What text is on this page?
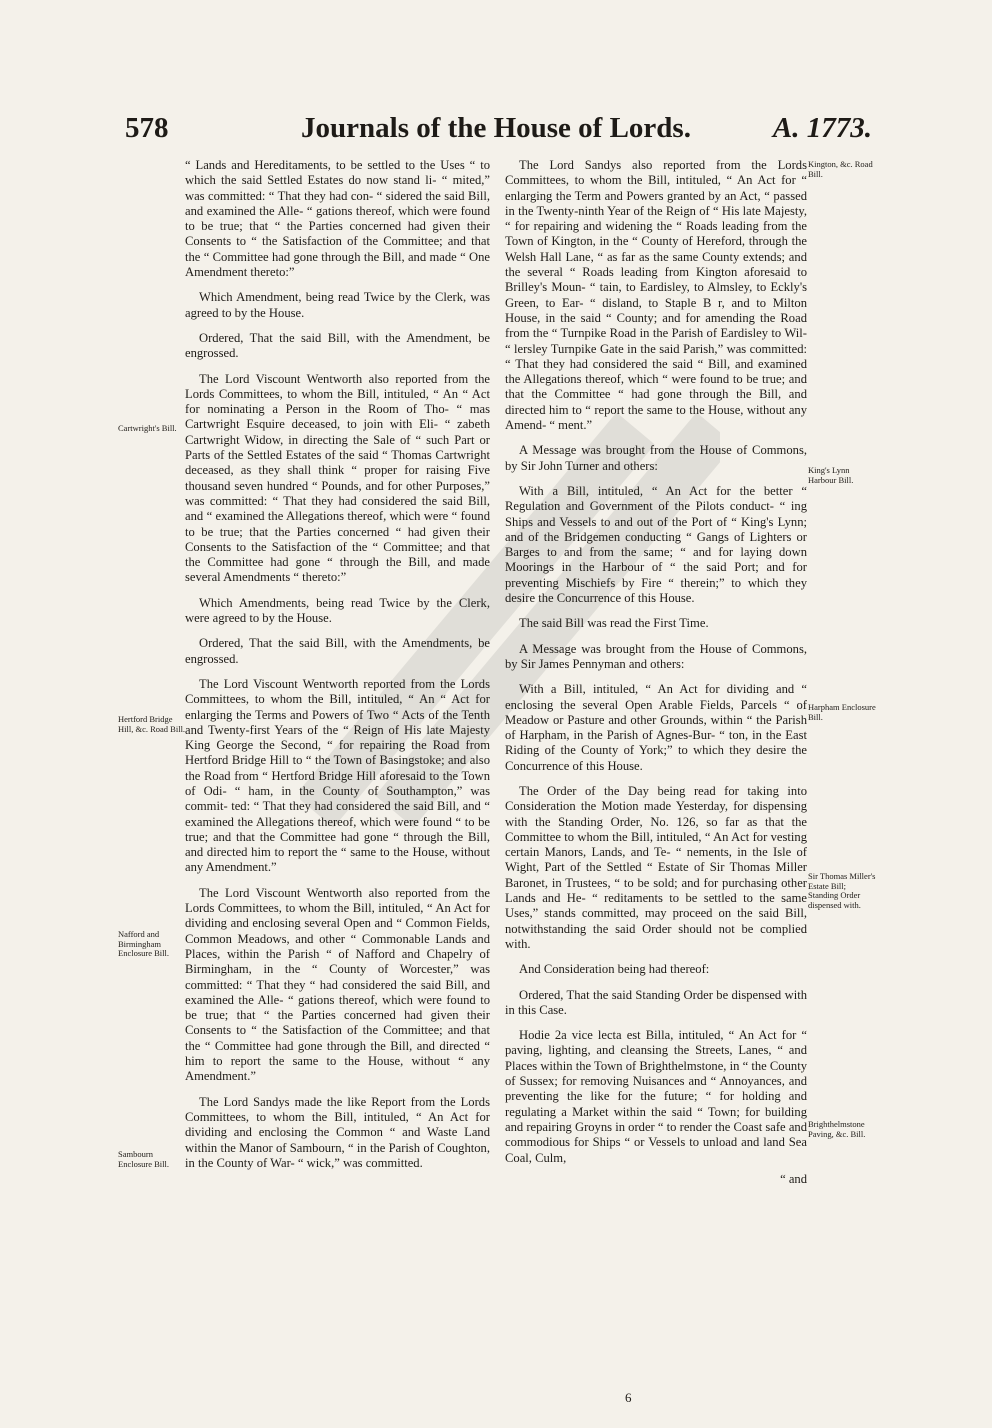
Journals of the House of Lords.
578	A. 1773.
Cartwright's Bill.
Hertford Bridge Hill, &c. Road Bill.
Nafford and Birmingham Enclosure Bill.
Sambourn Enclosure Bill.
Kington, &c. Road Bill.
King's Lynn Harbour Bill.
Harpham Enclosure Bill.
Sir Thomas Miller's Estate Bill; Standing Order dispensed with.
Brighthelmstone Paving, &c. Bill.

“ Lands and Hereditaments, to be settled to the Uses “ to which the said Settled Estates do now stand li- “ mited,” was committed: “ That they had con- “ sidered the said Bill, and examined the Alle- “ gations thereof, which were found to be true; that “ the Parties concerned had given their Consents to “ the Satisfaction of the Committee; and that the “ Committee had gone through the Bill, and made “ One Amendment thereto:”

Which Amendment, being read Twice by the Clerk, was agreed to by the House.

Ordered, That the said Bill, with the Amendment, be engrossed.

The Lord Viscount Wentworth also reported from the Lords Committees, to whom the Bill, intituled, “ An “ Act for nominating a Person in the Room of Tho- “ mas Cartwright Esquire deceased, to join with Eli- “ zabeth Cartwright Widow, in directing the Sale of “ such Part or Parts of the Settled Estates of the said “ Thomas Cartwright deceased, as they shall think “ proper for raising Five thousand seven hundred “ Pounds, and for other Purposes,” was committed: “ That they had considered the said Bill, and “ examined the Allegations thereof, which were “ found to be true; that the Parties concerned “ had given their Consents to the Satisfaction of the “ Committee; and that the Committee had gone “ through the Bill, and made several Amendments “ thereto:”

Which Amendments, being read Twice by the Clerk, were agreed to by the House.

Ordered, That the said Bill, with the Amendments, be engrossed.

The Lord Viscount Wentworth reported from the Lords Committees, to whom the Bill, intituled, “ An “ Act for enlarging the Terms and Powers of Two “ Acts of the Tenth and Twenty-first Years of the “ Reign of His late Majesty King George the Second, “ for repairing the Road from Hertford Bridge Hill to “ the Town of Basingstoke; and also the Road from “ Hertford Bridge Hill aforesaid to the Town of Odi- “ ham, in the County of Southampton,” was commit- ted: “ That they had considered the said Bill, and “ examined the Allegations thereof, which were found “ to be true; and that the Committee had gone “ through the Bill, and directed him to report the “ same to the House, without any Amendment.”

The Lord Viscount Wentworth also reported from the Lords Committees, to whom the Bill, intituled, “ An Act for dividing and enclosing several Open and “ Common Fields, Common Meadows, and other “ Commonable Lands and Places, within the Parish “ of Nafford and Chapelry of Birmingham, in the “ County of Worcester,” was committed: “ That they “ had considered the said Bill, and examined the Alle- “ gations thereof, which were found to be true; that “ the Parties concerned had given their Consents to “ the Satisfaction of the Committee; and that the “ Committee had gone through the Bill, and directed “ him to report the same to the House, without “ any Amendment.”

The Lord Sandys made the like Report from the Lords Committees, to whom the Bill, intituled, “ An Act for dividing and enclosing the Common “ and Waste Land within the Manor of Sambourn, “ in the Parish of Coughton, in the County of War- “ wick,” was committed.

The Lord Sandys also reported from the Lords Committees, to whom the Bill, intituled, “ An Act for “ enlarging the Term and Powers granted by an Act, “ passed in the Twenty-ninth Year of the Reign of “ His late Majesty, “ for repairing and widening the “ Roads leading from the Town of Kington, in the “ County of Hereford, through the Welsh Hall Lane, “ as far as the same County extends; and the several “ Roads leading from Kington aforesaid to Brilley's Moun- “ tain, to Eardisley, to Almsley, to Eckly's Green, to Ear- “ disland, to Staple B r, and to Milton House, in the said “ County; and for amending the Road from the “ Turnpike Road in the Parish of Eardisley to Wil- “ lersley Turnpike Gate in the said Parish,” was committed: “ That they had considered the said “ Bill, and examined the Allegations thereof, which “ were found to be true; and that the Committee “ had gone through the Bill, and directed him to “ report the same to the House, without any Amend- “ ment.”

A Message was brought from the House of Commons, by Sir John Turner and others:

With a Bill, intituled, “ An Act for the better “ Regulation and Government of the Pilots conduct- “ ing Ships and Vessels to and out of the Port of “ King's Lynn; and of the Bridgemen conducting “ Gangs of Lighters or Barges to and from the same; “ and for laying down Moorings in the Harbour of “ the said Port; and for preventing Mischiefs by Fire “ therein;” to which they desire the Concurrence of this House.

The said Bill was read the First Time.

A Message was brought from the House of Commons, by Sir James Pennyman and others:

With a Bill, intituled, “ An Act for dividing and “ enclosing the several Open Arable Fields, Parcels “ of Meadow or Pasture and other Grounds, within “ the Parish of Harpham, in the Parish of Agnes-Bur- “ ton, in the East Riding of the County of York;” to which they desire the Concurrence of this House.

The Order of the Day being read for taking into Consideration the Motion made Yesterday, for dispensing with the Standing Order, No. 126, so far as that the Committee to whom the Bill, intituled, “ An Act for vesting certain Manors, Lands, and Te- “ nements, in the Isle of Wight, Part of the Settled “ Estate of Sir Thomas Miller Baronet, in Trustees, “ to be sold; and for purchasing other Lands and He- “ reditaments to be settled to the same Uses,” stands committed, may proceed on the said Bill, notwithstanding the said Order should not be complied with.

And Consideration being had thereof:

Ordered, That the said Standing Order be dispensed with in this Case.

Hodie 2a vice lecta est Billa, intituled, “ An Act for “ paving, lighting, and cleansing the Streets, Lanes, “ and Places within the Town of Brighthelmstone, in “ the County of Sussex; for removing Nuisances and “ Annoyances, and preventing the like for the future; “ for holding and regulating a Market within the said “ Town; for building and repairing Groyns in order “ to render the Coast safe and commodious for Ships “ or Vessels to unload and land Sea Coal, Culm,

“ and
6
